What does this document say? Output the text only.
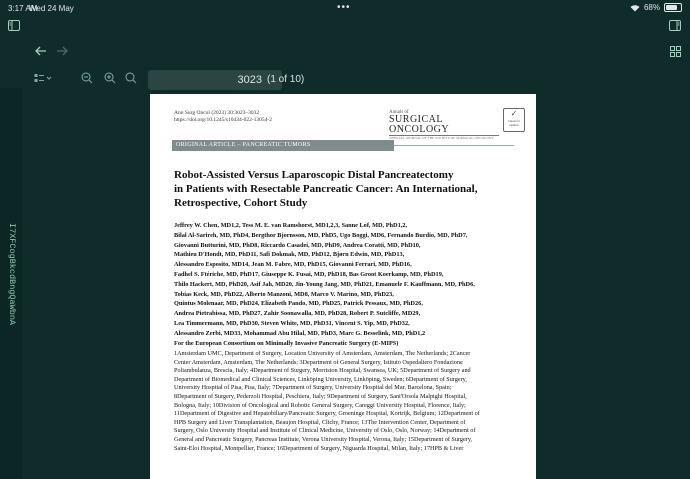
3:17 AM
Wed 24 May	•••	68%
3023
(1 of 10)
I7XFCogBkcdBngQaWbnA
Ann Surg Oncol (2023) 30:3023–3032
https://doi.org/10.1245/s10434-022-13054-2
Annals of
SURGICAL ONCOLOGY
OFFICIAL JOURNAL OF THE SOCIETY OF SURGICAL ONCOLOGY
✓
Check for updates
ORIGINAL ARTICLE – PANCREATIC TUMORS
Robot-Assisted Versus Laparoscopic Distal Pancreatectomy
in Patients with Resectable Pancreatic Cancer: An International,
Retrospective, Cohort Study
Jeffrey W. Chen, MD1,2, Tess M. E. van Ramshorst, MD1,2,3, Sanne Lof, MD, PhD1,2,
Bilal Al-Sarireh, MD, PhD4, Bergthor Bjornsson, MD, PhD5, Ugo Boggi, MD6, Fernando Burdio, MD, PhD7,
Giovanni Butturini, MD, PhD8, Riccardo Casadei, MD, PhD9, Andrea Coratti, MD, PhD10,
Mathieu D'Hondt, MD, PhD11, Safi Dokmak, MD, PhD12, Bjørn Edwin, MD, PhD13,
Alessandro Esposito, MD14, Jean M. Fabre, MD, PhD15, Giovanni Ferrari, MD, PhD16,
Fadhel S. Ftériche, MD, PhD17, Giuseppe K. Fusai, MD, PhD18, Bas Groot Koerkamp, MD, PhD19,
Thilo Hackert, MD, PhD20, Asif Jah, MD20, Jin-Young Jang, MD, PhD21, Emanuele F. Kauffmann, MD, PhD6,
Tobias Keck, MD, PhD22, Alberto Manzoni, MD8, Marco V. Marino, MD, PhD23,
Quintus Molenaar, MD, PhD24, Elizabeth Pando, MD, PhD25, Patrick Pessaux, MD, PhD26,
Andrea Pietrabissa, MD, PhD27, Zahir Soonawalla, MD, PhD28, Robert P. Sutcliffe, MD29,
Lea Timmermann, MD, PhD30, Steven White, MD, PhD31, Vincent S. Yip, MD, PhD32,
Alessandro Zerbi, MD33, Mohammad Abu Hilal, MD, PhD3, Marc G. Besselink, MD, PhD1,2
For the European Consortium on Minimally Invasive Pancreatic Surgery (E-MIPS)
1Amsterdam UMC, Department of Surgery, Location University of Amsterdam, Amsterdam, The Netherlands; 2Cancer
Center Amsterdam, Amsterdam, The Netherlands; 3Department of General Surgery, Istituto Ospedaliero Fondazione
Poliambulanza, Brescia, Italy; 4Department of Surgery, Morriston Hospital, Swansea, UK; 5Department of Surgery and
Department of Biomedical and Clinical Sciences, Linköping University, Linköping, Sweden; 6Department of Surgery,
University Hospital of Pisa, Pisa, Italy; 7Department of Surgery, University Hospital del Mar, Barcelona, Spain;
8Department of Surgery, Pederzoli Hospital, Peschiera, Italy; 9Department of Surgery, Sant'Orsola Malpighi Hospital,
Bologna, Italy; 10Division of Oncological and Robotic General Surgery, Careggi University Hospital, Florence, Italy;
11Department of Digestive and Hepatobiliary/Pancreatic Surgery, Groeninge Hospital, Kortrijk, Belgium; 12Department of
HPB Surgery and Liver Transplantation, Beaujon Hospital, Clichy, France; 13The Intervention Center, Department of
Surgery, Oslo University Hospital and Institute of Clinical Medicine, University of Oslo, Oslo, Norway; 14Department of
General and Pancreatic Surgery, Pancreas Institute, Verona University Hospital, Verona, Italy; 15Department of Surgery,
Saint-Eloi Hospital, Montpellier, France; 16Department of Surgery, Niguarda Hospital, Milan, Italy; 17HPB & Liver
